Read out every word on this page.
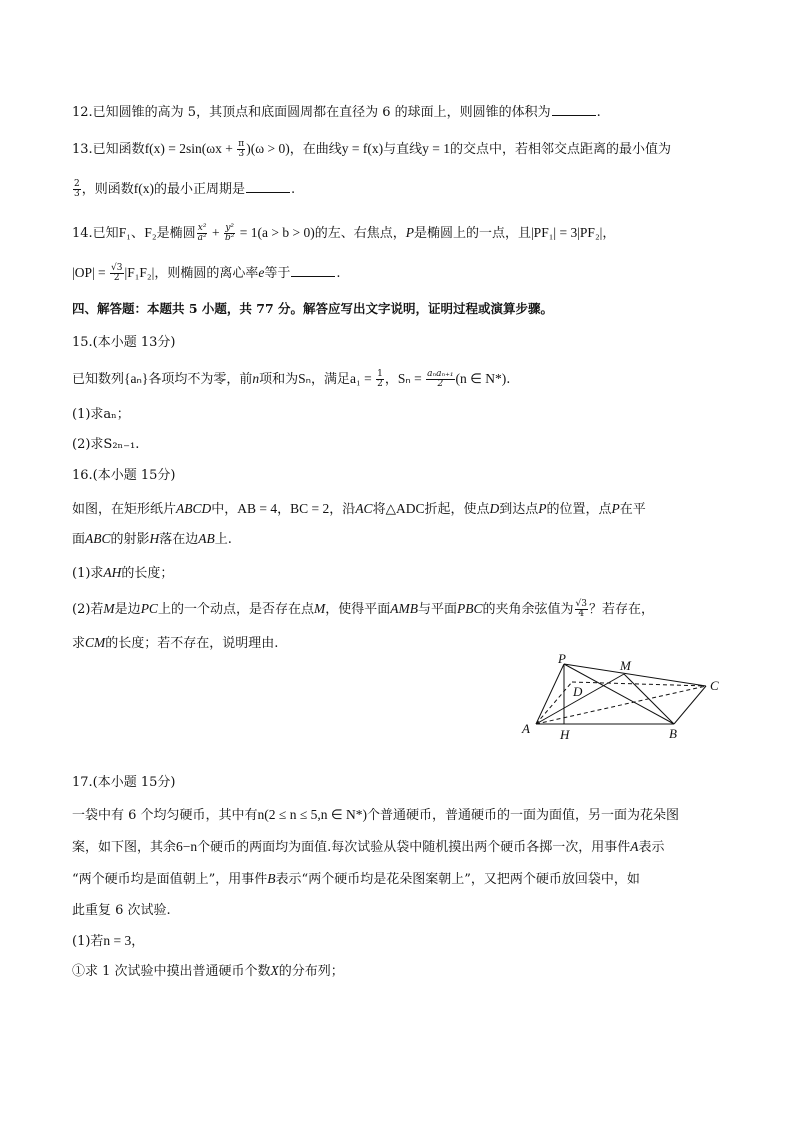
12.已知圆锥的高为 5，其顶点和底面圆周都在直径为 6 的球面上，则圆锥的体积为	.
13.已知函数$f(x) = 2\sin(\omega x + \frac{\pi}{3} )(\omega > 0)$，在曲线y = f(x)与直线y = 1的交点中，若相邻交点距离的最小值为
$\frac{2}{3}$ ，则函数f(x)的最小正周期是	.
14.已知F₁、F₂是椭圆 $\frac{\text{x²}}{\text{a²}} + \frac{\text{y²}}{\text{b²}} = 1(a > b > 0)$的左、右焦点，P是椭圆上的一点，且|PF₁| = 3|PF₂|，
$|OP| = \frac{√3}{2} |F_1F_2|$，则椭圆的离心率e等于	.
四、解答题：本题共 5 小题，共 77 分。解答应写出文字说明，证明过程或演算步骤。
15.(本小题 13分)
已知数列{aₙ}各项均不为零，前n项和为Sₙ，满足$a_1 = \frac{1}{2}$ ，$S_n = \frac{\text{aₙaₙ₊₁}}{2} (n$ ∈ N*).
(1)求aₙ；
(2)求S₂ₙ₋₁.
16.(本小题 15分)
如图，在矩形纸片ABCD中，AB = 4，BC = 2，沿AC将△ADC折起，使点D到达点P的位置，点P在平
面ABC的射影H落在边AB上.
(1)求AH的长度；
(2)若M是边PC上的一个动点，是否存在点M，使得平面AMB与平面PBC的夹角余弦值为 $\frac{√3}{4}$ ？若存在，
求CM的长度；若不存在，说明理由.
P	M
D	C
A H	B
17.(本小题 15分)
一袋中有 6 个均匀硬币，其中有n(2 ≤ n ≤ 5,n ∈ N*)个普通硬币，普通硬币的一面为面值，另一面为花朵图
案，如下图，其余6−n个硬币的两面均为面值.每次试验从袋中随机摸出两个硬币各掷一次，用事件A表示
“两个硬币均是面值朝上”，用事件B表示“两个硬币均是花朵图案朝上”，又把两个硬币放回袋中，如
此重复 6 次试验.
(1)若n = 3，
①求 1 次试验中摸出普通硬币个数X的分布列；
